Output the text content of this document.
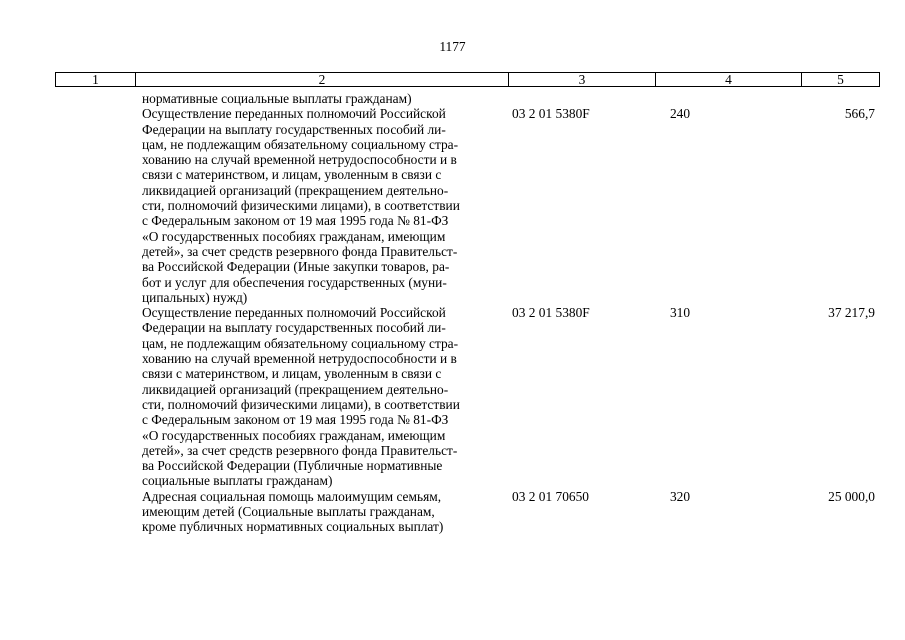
1177
1	2	3	4	5
нормативные социальные выплаты гражданам)
Осуществление переданных полномочий Российской
Федерации на выплату государственных пособий ли-
цам, не подлежащим обязательному социальному стра-
хованию на случай временной нетрудоспособности и в
связи с материнством, и лицам, уволенным в связи с
ликвидацией организаций (прекращением деятельно-
сти, полномочий физическими лицами), в соответствии
с Федеральным законом от 19 мая 1995 года № 81-ФЗ
«О государственных пособиях гражданам, имеющим
детей», за счет средств резервного фонда Правительст-
ва Российской Федерации (Иные закупки товаров, ра-
бот и услуг для обеспечения государственных (муни-
ципальных) нужд)
03 2 01 5380F	240	566,7
Осуществление переданных полномочий Российской
Федерации на выплату государственных пособий ли-
цам, не подлежащим обязательному социальному стра-
хованию на случай временной нетрудоспособности и в
связи с материнством, и лицам, уволенным в связи с
ликвидацией организаций (прекращением деятельно-
сти, полномочий физическими лицами), в соответствии
с Федеральным законом от 19 мая 1995 года № 81-ФЗ
«О государственных пособиях гражданам, имеющим
детей», за счет средств резервного фонда Правительст-
ва Российской Федерации (Публичные нормативные
социальные выплаты гражданам)
03 2 01 5380F	310	37 217,9
Адресная социальная помощь малоимущим семьям,
имеющим детей (Социальные выплаты гражданам,
кроме публичных нормативных социальных выплат)
03 2 01 70650	320	25 000,0
